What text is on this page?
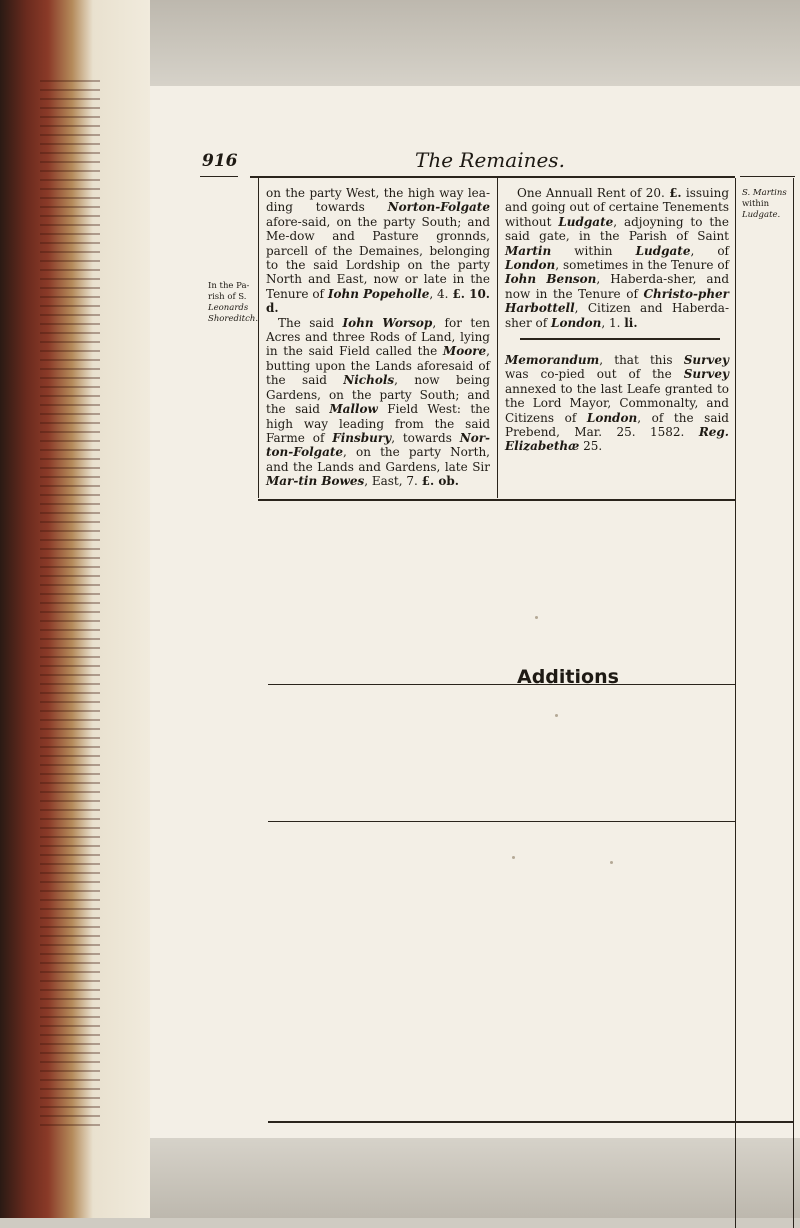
916	The Remaines.
In the Pa-
rish of S.
Leonards
Shoreditch.
S. Martins
within
Ludgate.

on the party West, the high way lea-ding towards Norton-Folgate afore-said, on the party South; and Me-dow and Pasture gronnds, parcell of the Demaines, belonging to the said Lordship on the party North and East, now or late in the Tenure of Iohn Popeholle, 4. £. 10. d.

The said Iohn Worsop, for ten Acres and three Rods of Land, lying in the said Field called the Moore, butting upon the Lands aforesaid of the said Nichols, now being Gardens, on the party South; and the said Mallow Field West: the high way leading from the said Farme of Finsbury, towards Nor-ton-Folgate, on the party North, and the Lands and Gardens, late Sir Mar-tin Bowes, East, 7. £. ob.

One Annuall Rent of 20. £. issuing and going out of certaine Tenements without Ludgate, adjoyning to the said gate, in the Parish of Saint Martin within Ludgate, of London, sometimes in the Tenure of Iohn Benson, Haberda-sher, and now in the Tenure of Christo-pher Harbottell, Citizen and Haberda-sher of London, 1. li.

Memorandum, that this Survey was co-pied out of the Survey annexed to the last Leafe granted to the Lord Mayor, Commonalty, and Citizens of London, of the said Prebend, Mar. 25. 1582. Reg. Elizabethæ 25.

Additions
